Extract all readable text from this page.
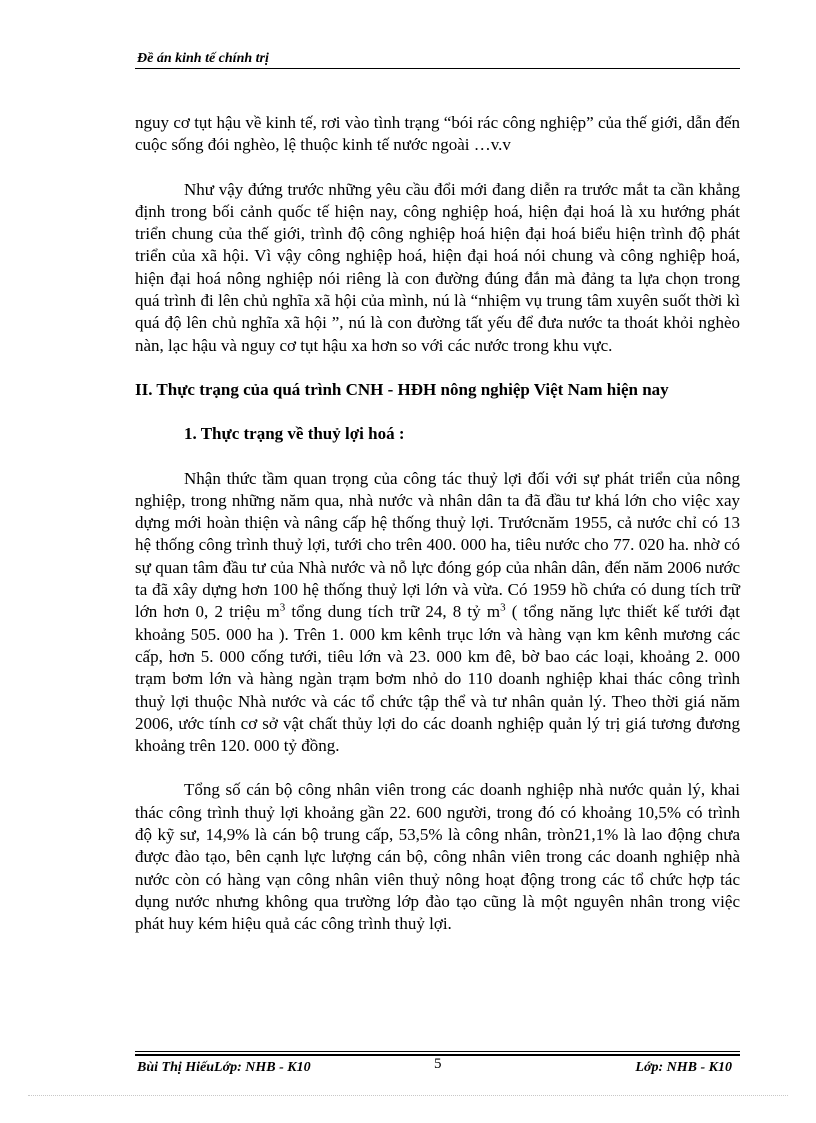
Đề án kinh tế chính trị

nguy cơ tụt hậu về kinh tế, rơi vào tình trạng “bói rác công nghiệp” của thế giới, dẫn đến cuộc sống đói nghèo, lệ thuộc kinh tế nước ngoài …v.v

Như vậy đứng trước những yêu cầu đổi mới đang diễn ra trước mắt ta cần khẳng định trong bối cảnh quốc tế hiện nay, công nghiệp hoá, hiện đại hoá là xu hướng phát triển chung của thế giới, trình độ công nghiệp hoá hiện đại hoá biểu hiện trình độ phát triển của xã hội. Vì vậy công nghiệp hoá, hiện đại hoá nói chung và công nghiệp hoá, hiện đại hoá nông nghiệp nói riêng là con đường đúng đắn mà đảng ta lựa chọn trong quá trình đi lên chủ nghĩa xã hội của mình, nú là “nhiệm vụ trung tâm xuyên suốt thời kì quá độ lên chủ nghĩa xã hội ”, nú là con đường tất yếu để đưa nước ta thoát khỏi nghèo nàn, lạc hậu và nguy cơ tụt hậu xa hơn so với các nước trong khu vực.

II. Thực trạng của quá trình CNH - HĐH nông nghiệp Việt Nam hiện nay

1. Thực trạng về thuỷ lợi hoá :

Nhận thức tầm quan trọng của công tác thuỷ lợi đối với sự phát triển của nông nghiệp, trong những năm qua, nhà nước và nhân dân ta đã đầu tư khá lớn cho việc xay dựng mới hoàn thiện và nâng cấp hệ thống thuỷ lợi. Trướcnăm 1955, cả nước chỉ có 13 hệ thống công trình thuỷ lợi, tưới cho trên 400. 000 ha, tiêu nước cho 77. 020 ha. nhờ có sự quan tâm đầu tư của Nhà nước và nỗ lực đóng góp của nhân dân, đến năm 2006 nước ta đã xây dựng hơn 100 hệ thống thuỷ lợi lớn và vừa. Có 1959 hồ chứa có dung tích trữ lớn hơn 0, 2 triệu $m^3$ tổng dung tích trữ 24, 8 tỷ $m^3$ ( tổng năng lực thiết kế tưới đạt khoảng 505. 000 ha ). Trên 1. 000 km kênh trục lớn và hàng vạn km kênh mương các cấp, hơn 5. 000 cống tưới, tiêu lớn và 23. 000 km đê, bờ bao các loại, khoảng 2. 000 trạm bơm lớn và hàng ngàn trạm bơm nhỏ do 110 doanh nghiệp khai thác công trình thuỷ lợi thuộc Nhà nước và các tổ chức tập thể và tư nhân quản lý. Theo thời giá năm 2006, ước tính cơ sở vật chất thủy lợi do các doanh nghiệp quản lý trị giá tương đương khoảng trên 120. 000 tỷ đồng.

Tổng số cán bộ công nhân viên trong các doanh nghiệp nhà nước quản lý, khai thác công trình thuỷ lợi khoảng gần 22. 600 người, trong đó có khoảng 10,5% có trình độ kỹ sư, 14,9% là cán bộ trung cấp, 53,5% là công nhân, tròn21,1% là lao động chưa được đào tạo, bên cạnh lực lượng cán bộ, công nhân viên trong các doanh nghiệp nhà nước còn có hàng vạn công nhân viên thuỷ nông hoạt động trong các tổ chức hợp tác dụng nước nhưng không qua trường lớp đào tạo cũng là một nguyên nhân trong việc phát huy kém hiệu quả các công trình thuỷ lợi.

Bùi Thị HiếuLớp: NHB - K10	5	Lớp: NHB - K10
